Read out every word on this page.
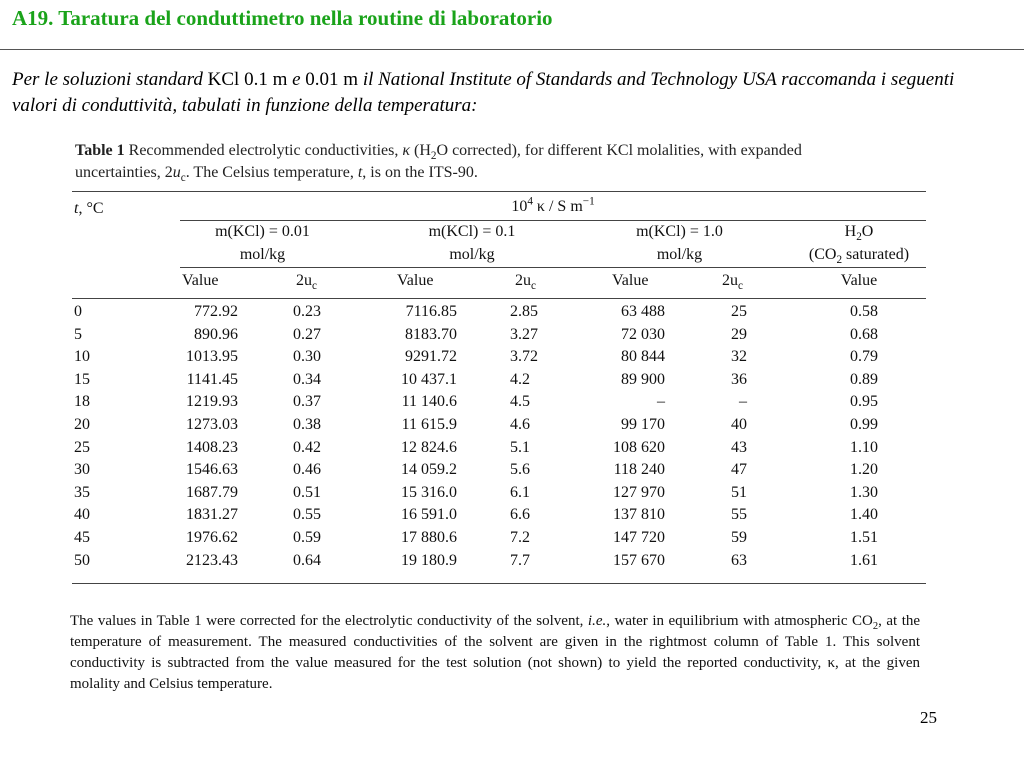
A19. Taratura del conduttimetro nella routine di laboratorio
Per le soluzioni standard KCl 0.1 m e 0.01 m il National Institute of Standards and Technology USA raccomanda i seguenti valori di conduttività, tabulati in funzione della temperatura:
Table 1 Recommended electrolytic conductivities, κ ($H_2O$ corrected), for different KCl molalities, with expanded uncertainties, $2u_c$. The Celsius temperature, t, is on the ITS-90.
t, °C	$10^4$ κ / S $m^{-1}$
m(KCl) = 0.01	m(KCl) = 0.1	m(KCl) = 1.0	$H_2O$
mol/kg	mol/kg	mol/kg	($CO_2$ saturated)
Value	$2u_c$	Value	$2u_c$	Value	$2u_c$	Value
0	772.92	0.23	7116.85	2.85	63 488	25	0.58
5	890.96	0.27	8183.70	3.27	72 030	29	0.68
10	1013.95	0.30	9291.72	3.72	80 844	32	0.79
15	1141.45	0.34	10 437.1	4.2	89 900	36	0.89
18	1219.93	0.37	11 140.6	4.5	–	–	0.95
20	1273.03	0.38	11 615.9	4.6	99 170	40	0.99
25	1408.23	0.42	12 824.6	5.1	108 620	43	1.10
30	1546.63	0.46	14 059.2	5.6	118 240	47	1.20
35	1687.79	0.51	15 316.0	6.1	127 970	51	1.30
40	1831.27	0.55	16 591.0	6.6	137 810	55	1.40
45	1976.62	0.59	17 880.6	7.2	147 720	59	1.51
50	2123.43	0.64	19 180.9	7.7	157 670	63	1.61
The values in Table 1 were corrected for the electrolytic conductivity of the solvent, i.e., water in equilibrium with atmospheric $CO_2$, at the temperature of measurement. The measured conductivities of the solvent are given in the rightmost column of Table 1. This solvent conductivity is subtracted from the value measured for the test solution (not shown) to yield the reported conductivity, κ, at the given molality and Celsius temperature.
25
